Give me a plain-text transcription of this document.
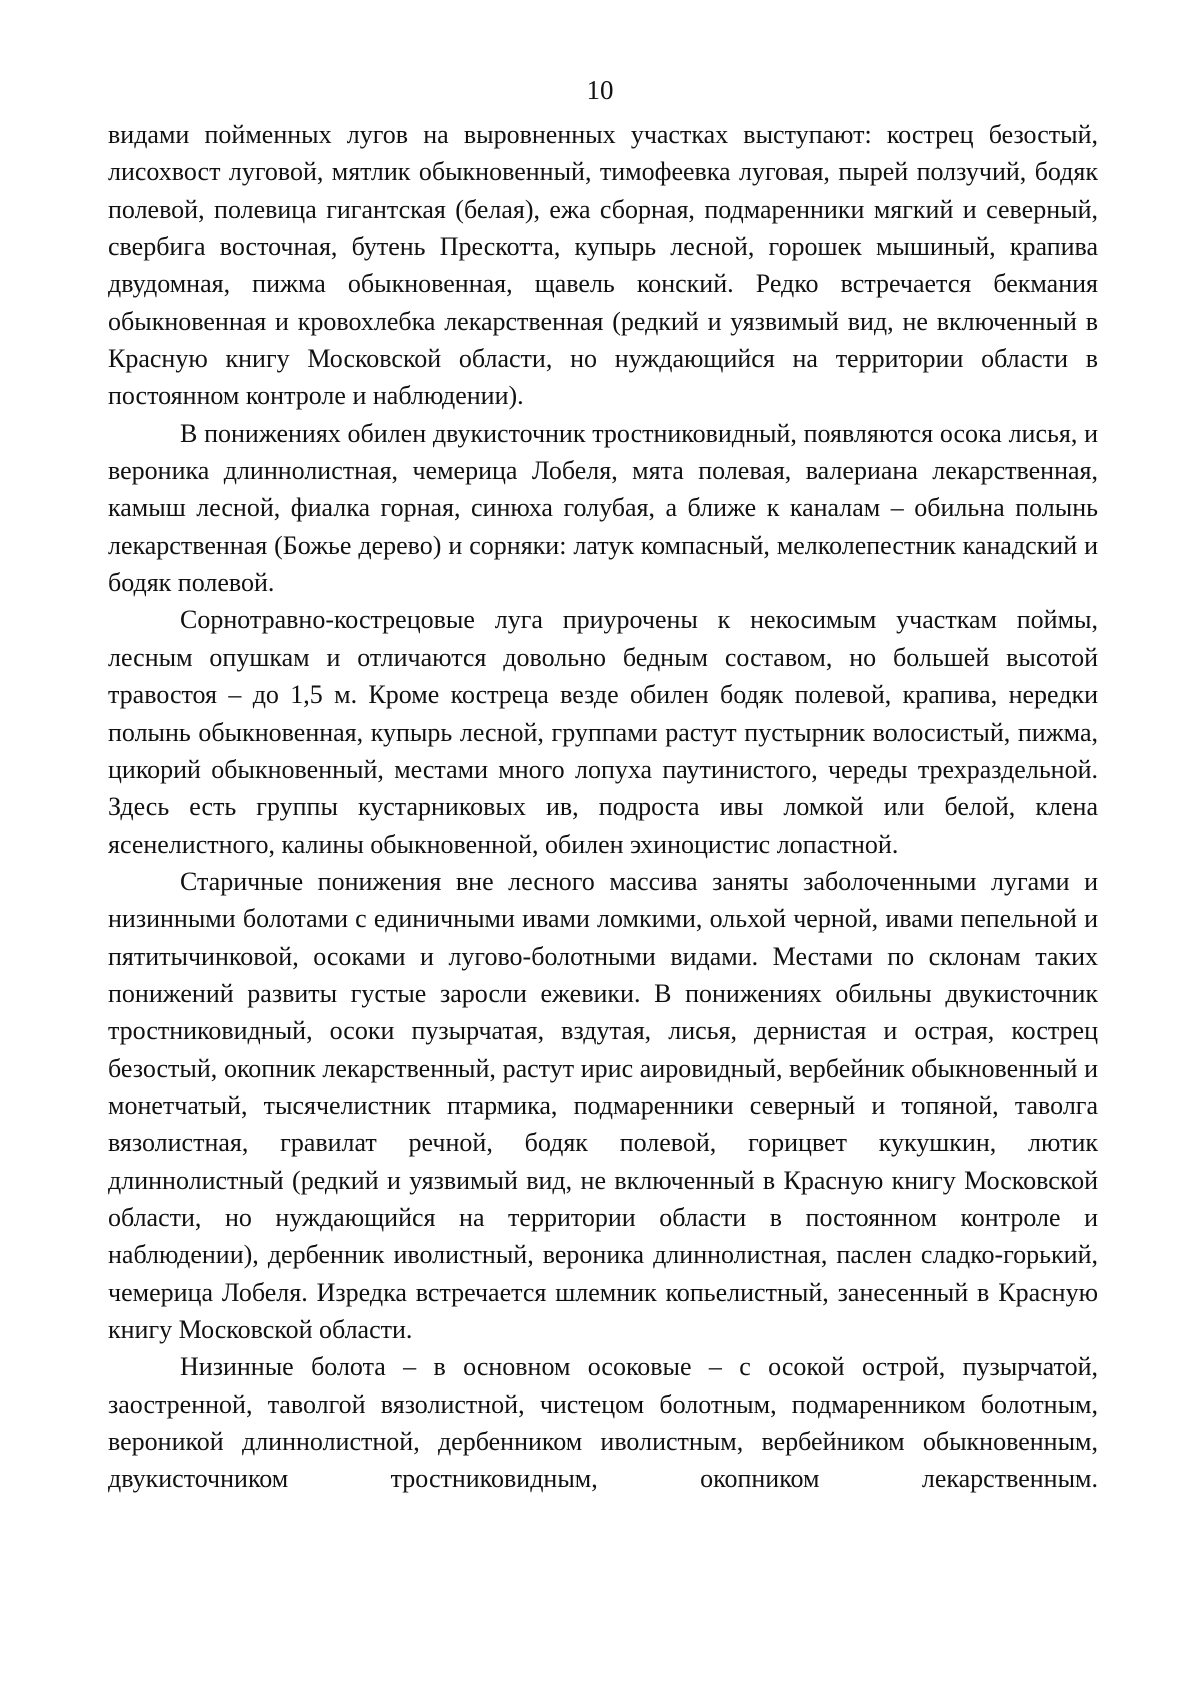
10

видами пойменных лугов на выровненных участках выступают: кострец безостый, лисохвост луговой, мятлик обыкновенный, тимофеевка луговая, пырей ползучий, бодяк полевой, полевица гигантская (белая), ежа сборная, подмаренники мягкий и северный, свербига восточная, бутень Прескотта, купырь лесной, горошек мышиный, крапива двудомная, пижма обыкновенная, щавель конский. Редко встречается бекмания обыкновенная и кровохлебка лекарственная (редкий и уязвимый вид, не включенный в Красную книгу Московской области, но нуждающийся на территории области в постоянном контроле и наблюдении).

В понижениях обилен двукисточник тростниковидный, появляются осока лисья, и вероника длиннолистная, чемерица Лобеля, мята полевая, валериана лекарственная, камыш лесной, фиалка горная, синюха голубая, а ближе к каналам – обильна полынь лекарственная (Божье дерево) и сорняки: латук компасный, мелколепестник канадский и бодяк полевой.

Сорнотравно-кострецовые луга приурочены к некосимым участкам поймы, лесным опушкам и отличаются довольно бедным составом, но большей высотой травостоя – до 1,5 м. Кроме костреца везде обилен бодяк полевой, крапива, нередки полынь обыкновенная, купырь лесной, группами растут пустырник волосистый, пижма, цикорий обыкновенный, местами много лопуха паутинистого, череды трехраздельной. Здесь есть группы кустарниковых ив, подроста ивы ломкой или белой, клена ясенелистного, калины обыкновенной, обилен эхиноцистис лопастной.

Старичные понижения вне лесного массива заняты заболоченными лугами и низинными болотами с единичными ивами ломкими, ольхой черной, ивами пепельной и пятитычинковой, осоками и лугово-болотными видами. Местами по склонам таких понижений развиты густые заросли ежевики. В понижениях обильны двукисточник тростниковидный, осоки пузырчатая, вздутая, лисья, дернистая и острая, кострец безостый, окопник лекарственный, растут ирис аировидный, вербейник обыкновенный и монетчатый, тысячелистник птармика, подмаренники северный и топяной, таволга вязолистная, гравилат речной, бодяк полевой, горицвет кукушкин, лютик длиннолистный (редкий и уязвимый вид, не включенный в Красную книгу Московской области, но нуждающийся на территории области в постоянном контроле и наблюдении), дербенник иволистный, вероника длиннолистная, паслен сладко-горький, чемерица Лобеля. Изредка встречается шлемник копьелистный, занесенный в Красную книгу Московской области.

Низинные болота – в основном осоковые – с осокой острой, пузырчатой, заостренной, таволгой вязолистной, чистецом болотным, подмаренником болотным, вероникой длиннолистной, дербенником иволистным, вербейником обыкновенным, двукисточником тростниковидным, окопником лекарственным.
